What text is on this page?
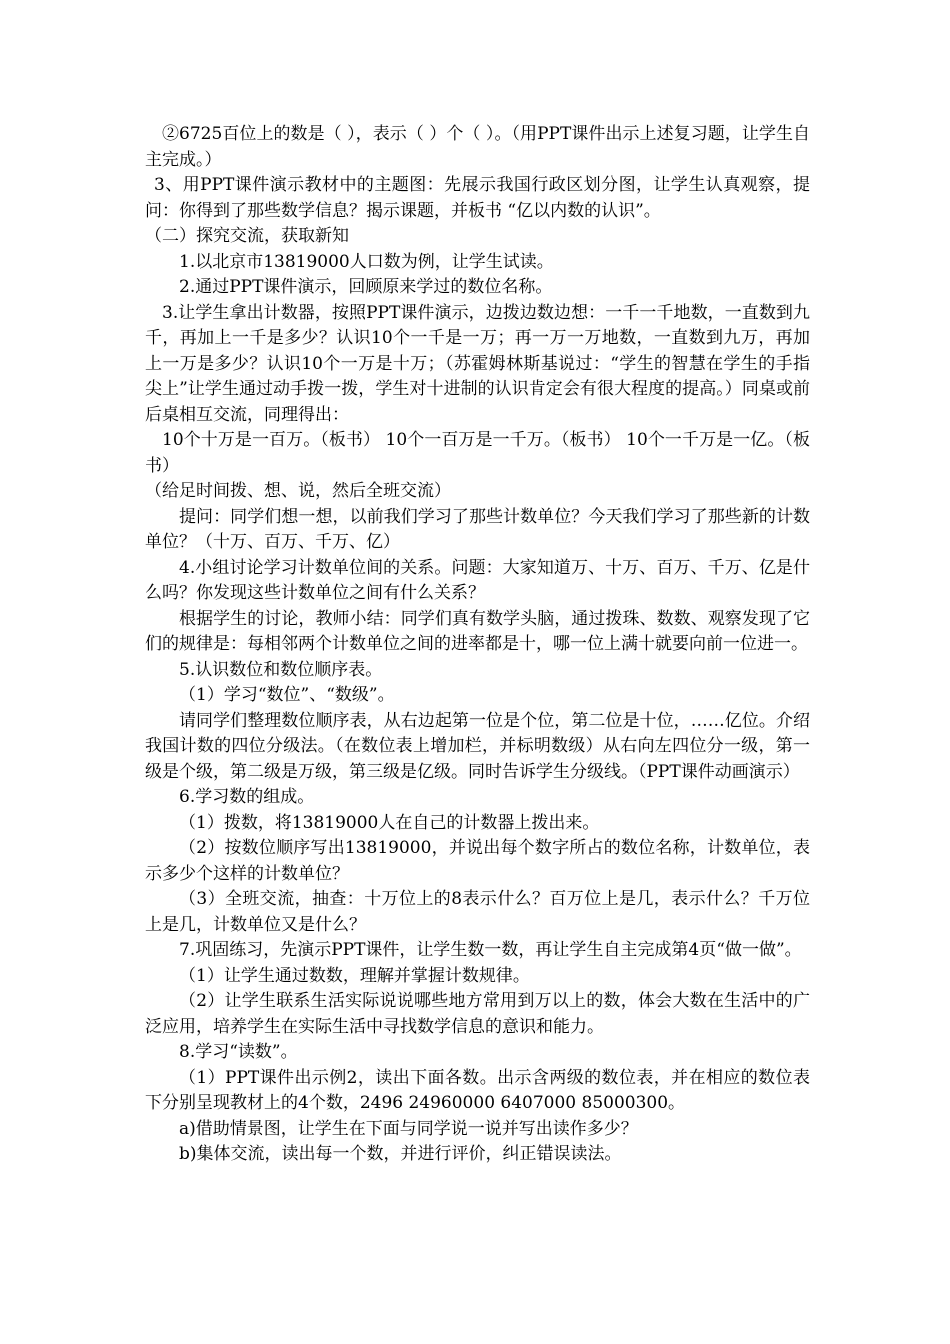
②6725百位上的数是（ ），表示（ ）个（ ）。（用PPT课件出示上述复习题，让学生自主完成。）

3、用PPT课件演示教材中的主题图：先展示我国行政区划分图，让学生认真观察，提问：你得到了那些数学信息？揭示课题，并板书 “亿以内数的认识”。

（二）探究交流，获取新知

1.以北京市13819000人口数为例，让学生试读。

2.通过PPT课件演示，回顾原来学过的数位名称。

3.让学生拿出计数器，按照PPT课件演示，边拨边数边想：一千一千地数，一直数到九千，再加上一千是多少？认识10个一千是一万；再一万一万地数，一直数到九万，再加上一万是多少？认识10个一万是十万；（苏霍姆林斯基说过：“学生的智慧在学生的手指尖上”让学生通过动手拨一拨，学生对十进制的认识肯定会有很大程度的提高。）同桌或前后桌相互交流，同理得出：

10个十万是一百万。（板书） 10个一百万是一千万。（板书） 10个一千万是一亿。（板书）

（给足时间拨、想、说，然后全班交流）

提问：同学们想一想，以前我们学习了那些计数单位？今天我们学习了那些新的计数单位？（十万、百万、千万、亿）

4.小组讨论学习计数单位间的关系。问题：大家知道万、十万、百万、千万、亿是什么吗？你发现这些计数单位之间有什么关系？

根据学生的讨论，教师小结：同学们真有数学头脑，通过拨珠、数数、观察发现了它们的规律是：每相邻两个计数单位之间的进率都是十，哪一位上满十就要向前一位进一。

5.认识数位和数位顺序表。

（1）学习“数位”、“数级”。

请同学们整理数位顺序表，从右边起第一位是个位，第二位是十位，……亿位。介绍我国计数的四位分级法。（在数位表上增加栏，并标明数级）从右向左四位分一级，第一级是个级，第二级是万级，第三级是亿级。同时告诉学生分级线。（PPT课件动画演示）

6.学习数的组成。

（1）拨数，将13819000人在自己的计数器上拨出来。

（2）按数位顺序写出13819000，并说出每个数字所占的数位名称，计数单位，表示多少个这样的计数单位？

（3）全班交流，抽查：十万位上的8表示什么？百万位上是几，表示什么？千万位上是几，计数单位又是什么？

7.巩固练习，先演示PPT课件，让学生数一数，再让学生自主完成第4页“做一做”。

（1）让学生通过数数，理解并掌握计数规律。

（2）让学生联系生活实际说说哪些地方常用到万以上的数，体会大数在生活中的广泛应用，培养学生在实际生活中寻找数学信息的意识和能力。

8.学习“读数”。

（1）PPT课件出示例2，读出下面各数。出示含两级的数位表，并在相应的数位表下分别呈现教材上的4个数，2496 24960000 6407000 85000300。

a)借助情景图，让学生在下面与同学说一说并写出读作多少？

b)集体交流，读出每一个数，并进行评价，纠正错误读法。
